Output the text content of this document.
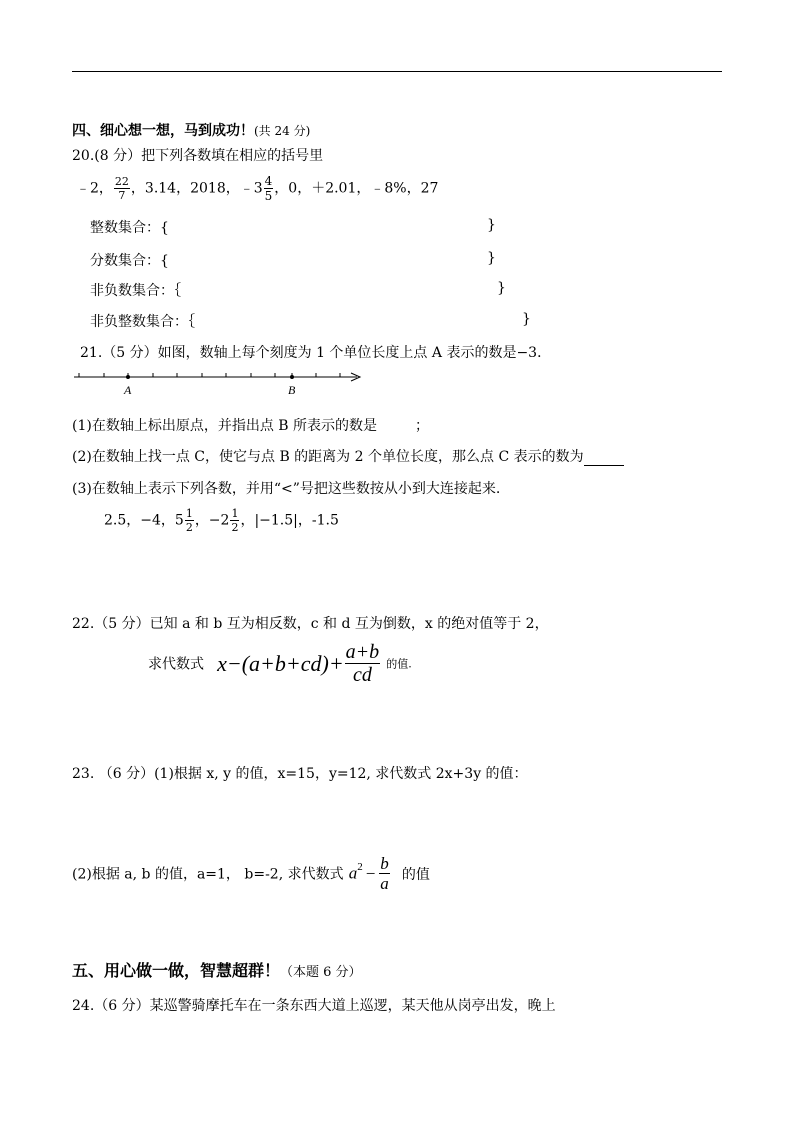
四、细心想一想，马到成功！(共 24 分)
20.(8 分）把下列各数填在相应的括号里
﹣2， $\frac{22}{7}$ ，3.14，2018，﹣3 $\frac{4}{5}$ ，0，＋2.01，﹣8%，27
整数集合：{	}
分数集合：{	}
非负数集合：｛	}
非负整数集合：｛	}
21.（5 分）如图，数轴上每个刻度为 1 个单位长度上点 A 表示的数是−3．
A	B
(1)在数轴上标出原点，并指出点 B 所表示的数是	；
(2)在数轴上找一点 C，使它与点 B 的距离为 2 个单位长度，那么点 C 表示的数为
(3)在数轴上表示下列各数，并用“<”号把这些数按从小到大连接起来.
2.5，−4，$5 \frac{1}{2}$ ，$-2 \frac{1}{2}$ ，|−1.5|，-1.5
22.（5 分）已知 a 和 b 互为相反数，c 和 d 互为倒数，x 的绝对值等于 2，
求代数式 $x-(a+b+cd)+ \frac{a+b}{cd}$ 的值.
23. （6 分）(1)根据 x, y 的值，x=15，y=12, 求代数式 2x+3y 的值：
(2)根据 a, b 的值，a=1， b=-2, 求代数式 $a^2 - \frac{b}{a}$ 的值
五、用心做一做，智慧超群！（本题 6 分）
24.（6 分）某巡警骑摩托车在一条东西大道上巡逻，某天他从岗亭出发，晚上
